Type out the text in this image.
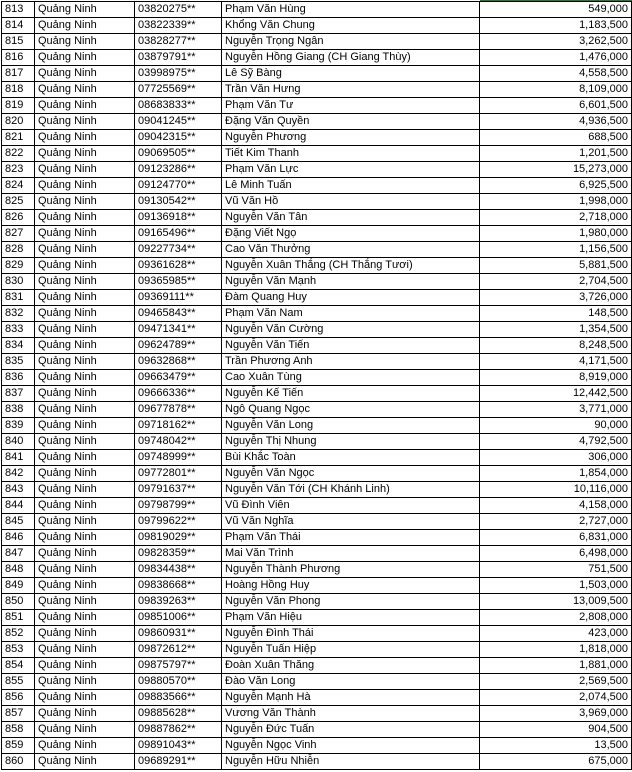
813	Quảng Ninh	03820275**	Phạm Văn Hùng	549,000
814	Quảng Ninh	03822339**	Khổng Văn Chung	1,183,500
815	Quảng Ninh	03828277**	Nguyễn Trọng Ngân	3,262,500
816	Quảng Ninh	03879791**	Nguyễn Hồng Giang (CH Giang Thùy)	1,476,000
817	Quảng Ninh	03998975**	Lê Sỹ Bàng	4,558,500
818	Quảng Ninh	07725569**	Trần Văn Hưng	8,109,000
819	Quảng Ninh	08683833**	Phạm Văn Tư	6,601,500
820	Quảng Ninh	09041245**	Đặng Văn Quyền	4,936,500
821	Quảng Ninh	09042315**	Nguyễn Phương	688,500
822	Quảng Ninh	09069505**	Tiết Kim Thanh	1,201,500
823	Quảng Ninh	09123286**	Phạm Văn Lực	15,273,000
824	Quảng Ninh	09124770**	Lê Minh Tuấn	6,925,500
825	Quảng Ninh	09130542**	Vũ Văn Hồ	1,998,000
826	Quảng Ninh	09136918**	Nguyễn Văn Tân	2,718,000
827	Quảng Ninh	09165496**	Đặng Viết Ngọ	1,980,000
828	Quảng Ninh	09227734**	Cao Văn Thưởng	1,156,500
829	Quảng Ninh	09361628**	Nguyễn Xuân Thắng (CH Thắng Tươi)	5,881,500
830	Quảng Ninh	09365985**	Nguyễn Văn Mạnh	2,704,500
831	Quảng Ninh	09369111**	Đàm Quang Huy	3,726,000
832	Quảng Ninh	09465843**	Phạm Văn Nam	148,500
833	Quảng Ninh	09471341**	Nguyễn Văn Cường	1,354,500
834	Quảng Ninh	09624789**	Nguyễn Văn Tiến	8,248,500
835	Quảng Ninh	09632868**	Trần Phương Anh	4,171,500
836	Quảng Ninh	09663479**	Cao Xuân Tùng	8,919,000
837	Quảng Ninh	09666336**	Nguyễn Kế Tiến	12,442,500
838	Quảng Ninh	09677878**	Ngô Quang Ngọc	3,771,000
839	Quảng Ninh	09718162**	Nguyễn Văn Long	90,000
840	Quảng Ninh	09748042**	Nguyễn Thị Nhung	4,792,500
841	Quảng Ninh	09748999**	Bùi Khắc Toàn	306,000
842	Quảng Ninh	09772801**	Nguyễn Văn Ngọc	1,854,000
843	Quảng Ninh	09791637**	Nguyễn Văn Tới (CH Khánh Linh)	10,116,000
844	Quảng Ninh	09798799**	Vũ Đình Viên	4,158,000
845	Quảng Ninh	09799622**	Vũ Văn Nghĩa	2,727,000
846	Quảng Ninh	09819029**	Phạm Văn Thái	6,831,000
847	Quảng Ninh	09828359**	Mai Văn Trình	6,498,000
848	Quảng Ninh	09834438**	Nguyễn Thành Phương	751,500
849	Quảng Ninh	09838668**	Hoàng Hồng Huy	1,503,000
850	Quảng Ninh	09839263**	Nguyễn Văn Phong	13,009,500
851	Quảng Ninh	09851006**	Phạm Văn Hiệu	2,808,000
852	Quảng Ninh	09860931**	Nguyễn Đình Thái	423,000
853	Quảng Ninh	09872612**	Nguyễn Tuấn Hiệp	1,818,000
854	Quảng Ninh	09875797**	Đoàn Xuân Thăng	1,881,000
855	Quảng Ninh	09880570**	Đào Văn Long	2,569,500
856	Quảng Ninh	09883566**	Nguyễn Mạnh Hà	2,074,500
857	Quảng Ninh	09885628**	Vương Văn Thành	3,969,000
858	Quảng Ninh	09887862**	Nguyễn Đức Tuấn	904,500
859	Quảng Ninh	09891043**	Nguyễn Ngọc Vinh	13,500
860	Quảng Ninh	09689291**	Nguyễn Hữu Nhiễn	675,000
